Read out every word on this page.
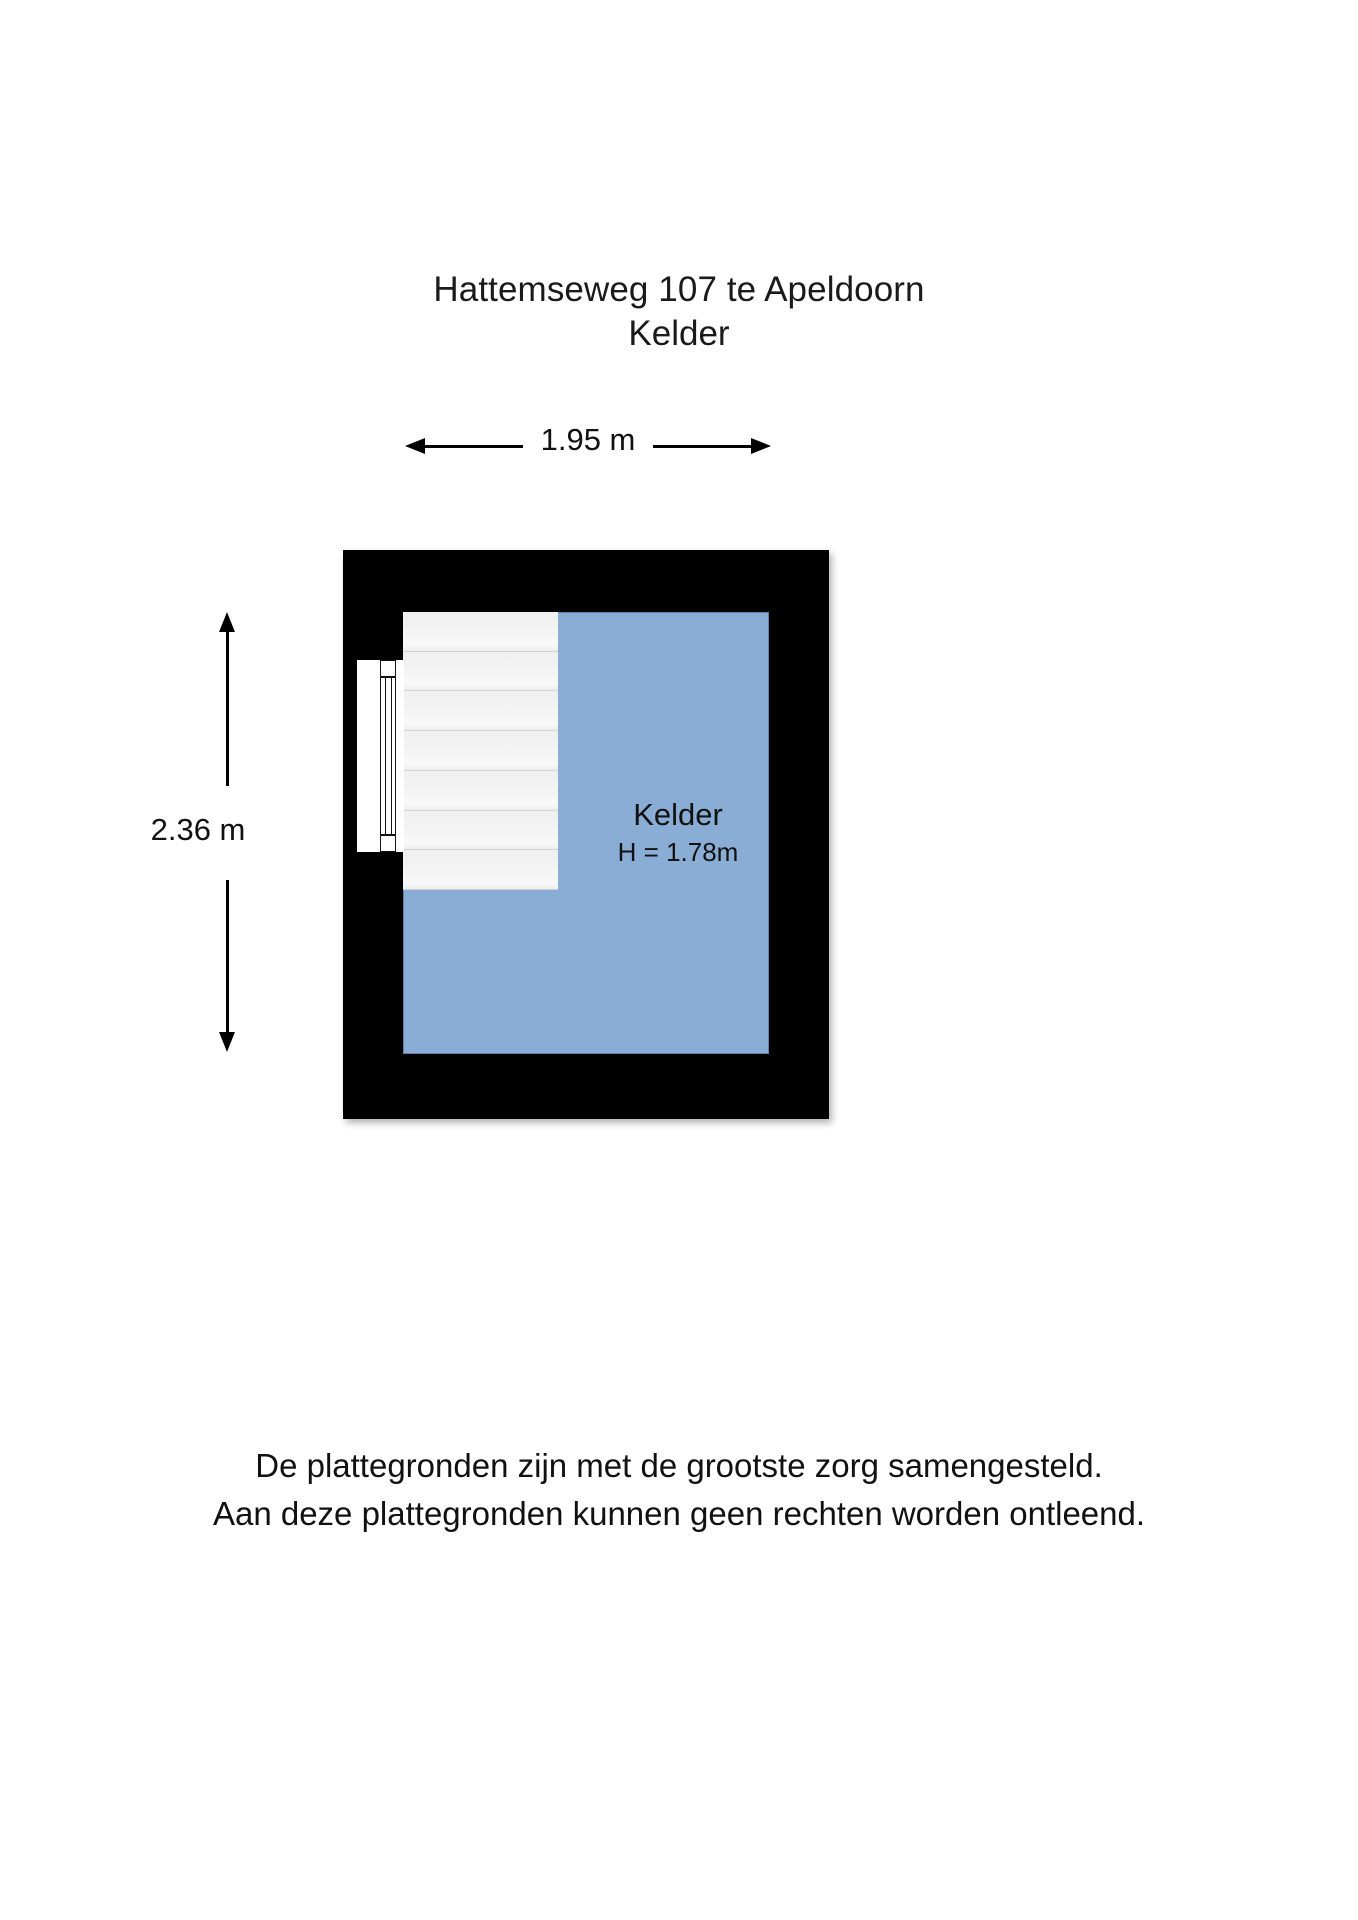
Hattemseweg 107 te Apeldoorn
Kelder
1.95 m
2.36 m	Kelder
H = 1.78m
De plattegronden zijn met de grootste zorg samengesteld.
Aan deze plattegronden kunnen geen rechten worden ontleend.
